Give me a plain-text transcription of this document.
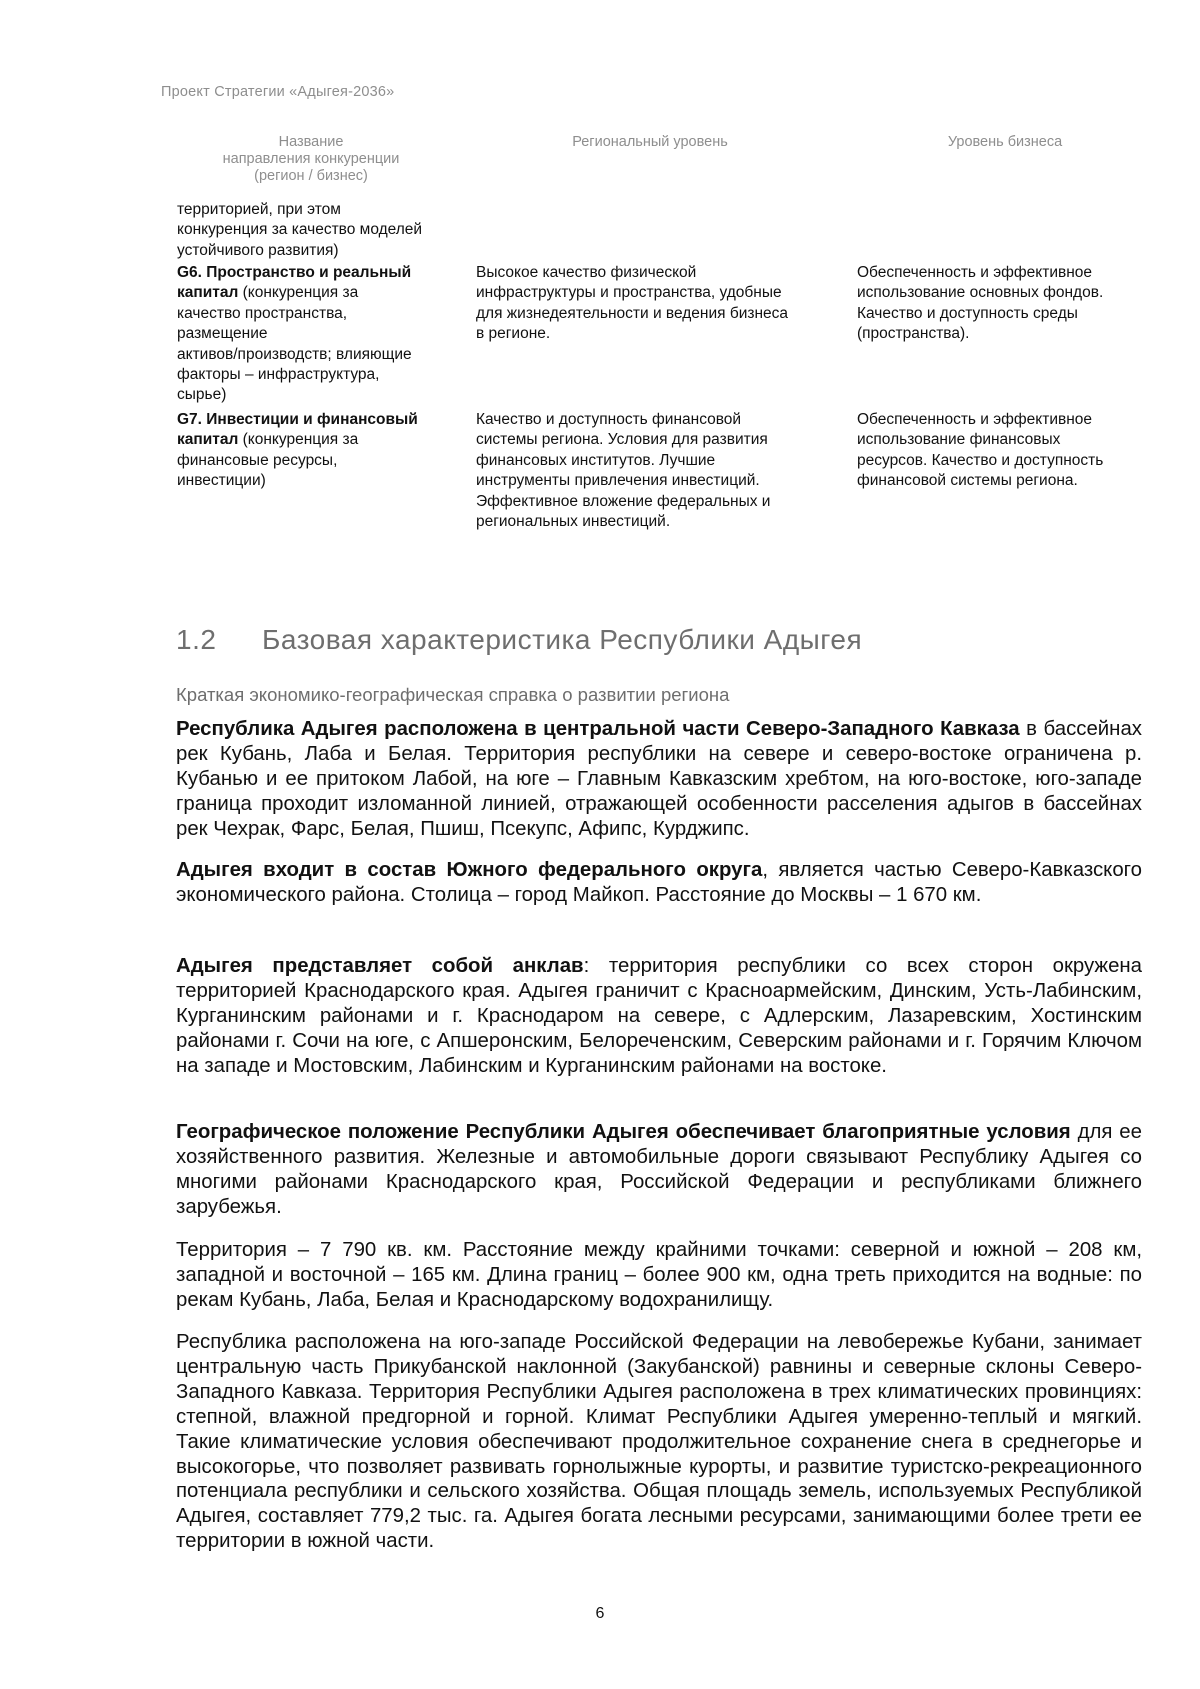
Проект Стратегии «Адыгея-2036»
Название
направления конкуренции
(регион / бизнес)
Региональный уровень	Уровень бизнеса
территорией, при этом
конкуренция за качество моделей
устойчивого развития)
G6. Пространство и реальный
капитал (конкуренция за
качество пространства,
размещение
активов/производств; влияющие
факторы – инфраструктура,
сырье)
Высокое качество физической
инфраструктуры и пространства, удобные
для жизнедеятельности и ведения бизнеса
в регионе.
Обеспеченность и эффективное
использование основных фондов.
Качество и доступность среды
(пространства).
G7. Инвестиции и финансовый
капитал (конкуренция за
финансовые ресурсы,
инвестиции)
Качество и доступность финансовой
системы региона. Условия для развития
финансовых институтов. Лучшие
инструменты привлечения инвестиций.
Эффективное вложение федеральных и
региональных инвестиций.
Обеспеченность и эффективное
использование финансовых
ресурсов. Качество и доступность
финансовой системы региона.
1.2 Базовая характеристика Республики Адыгея
Краткая экономико-географическая справка о развитии региона
Республика Адыгея расположена в центральной части Северо-Западного Кавказа в бассейнах рек Кубань, Лаба и Белая. Территория республики на севере и северо-востоке ограничена р. Кубанью и ее притоком Лабой, на юге – Главным Кавказским хребтом, на юго-востоке, юго-западе граница проходит изломанной линией, отражающей особенности расселения адыгов в бассейнах рек Чехрак, Фарс, Белая, Пшиш, Псекупс, Афипс, Курджипс.
Адыгея входит в состав Южного федерального округа, является частью Северо-Кавказского экономического района. Столица – город Майкоп. Расстояние до Москвы – 1 670 км.
Адыгея представляет собой анклав: территория республики со всех сторон окружена территорией Краснодарского края. Адыгея граничит с Красноармейским, Динским, Усть-Лабинским, Курганинским районами и г. Краснодаром на севере, с Адлерским, Лазаревским, Хостинским районами г. Сочи на юге, с Апшеронским, Белореченским, Северским районами и г. Горячим Ключом на западе и Мостовским, Лабинским и Курганинским районами на востоке.
Географическое положение Республики Адыгея обеспечивает благоприятные условия для ее хозяйственного развития. Железные и автомобильные дороги связывают Республику Адыгея со многими районами Краснодарского края, Российской Федерации и республиками ближнего зарубежья.
Территория – 7 790 кв. км. Расстояние между крайними точками: северной и южной – 208 км, западной и восточной – 165 км. Длина границ – более 900 км, одна треть приходится на водные: по рекам Кубань, Лаба, Белая и Краснодарскому водохранилищу.
Республика расположена на юго-западе Российской Федерации на левобережье Кубани, занимает центральную часть Прикубанской наклонной (Закубанской) равнины и северные склоны Северо-Западного Кавказа. Территория Республики Адыгея расположена в трех климатических провинциях: степной, влажной предгорной и горной. Климат Республики Адыгея умеренно-теплый и мягкий. Такие климатические условия обеспечивают продолжительное сохранение снега в среднегорье и высокогорье, что позволяет развивать горнолыжные курорты, и развитие туристско-рекреационного потенциала республики и сельского хозяйства. Общая площадь земель, используемых Республикой Адыгея, составляет 779,2 тыс. га. Адыгея богата лесными ресурсами, занимающими более трети ее территории в южной части.
6
